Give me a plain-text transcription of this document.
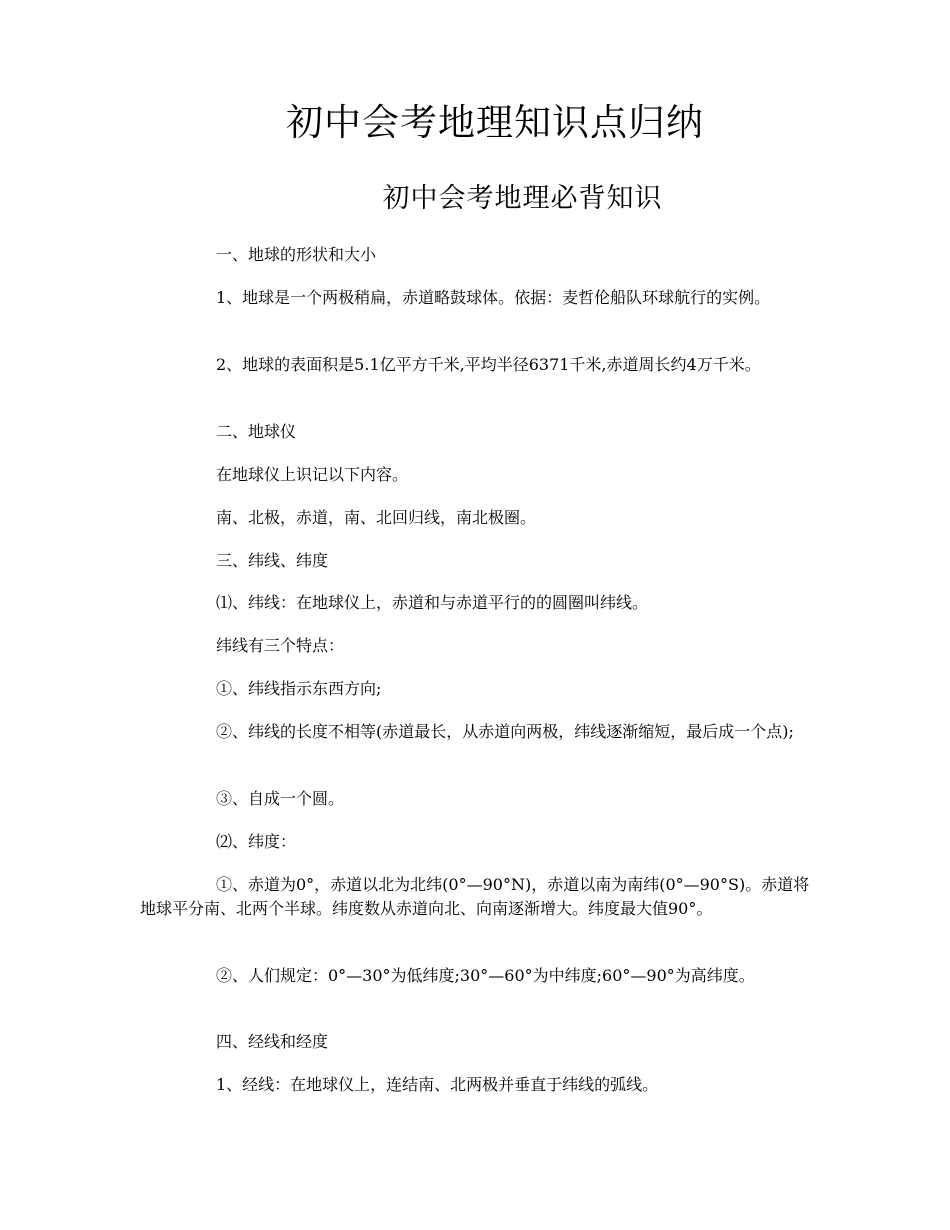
初中会考地理知识点归纳
初中会考地理必背知识
一、地球的形状和大小
1、地球是一个两极稍扁，赤道略鼓球体。依据：麦哲伦船队环球航行的实例。
2、地球的表面积是5.1亿平方千米,平均半径6371千米,赤道周长约4万千米。
二、地球仪
在地球仪上识记以下内容。
南、北极，赤道，南、北回归线，南北极圈。
三、纬线、纬度
⑴、纬线：在地球仪上，赤道和与赤道平行的的圆圈叫纬线。
纬线有三个特点：
①、纬线指示东西方向;
②、纬线的长度不相等(赤道最长，从赤道向两极，纬线逐渐缩短，最后成一个点);
③、自成一个圆。
⑵、纬度：
①、赤道为0°，赤道以北为北纬(0°—90°N)，赤道以南为南纬(0°—90°S)。赤道将地球平分南、北两个半球。纬度数从赤道向北、向南逐渐增大。纬度最大值90°。
②、人们规定：0°—30°为低纬度;30°—60°为中纬度;60°—90°为高纬度。
四、经线和经度
1、经线：在地球仪上，连结南、北两极并垂直于纬线的弧线。
